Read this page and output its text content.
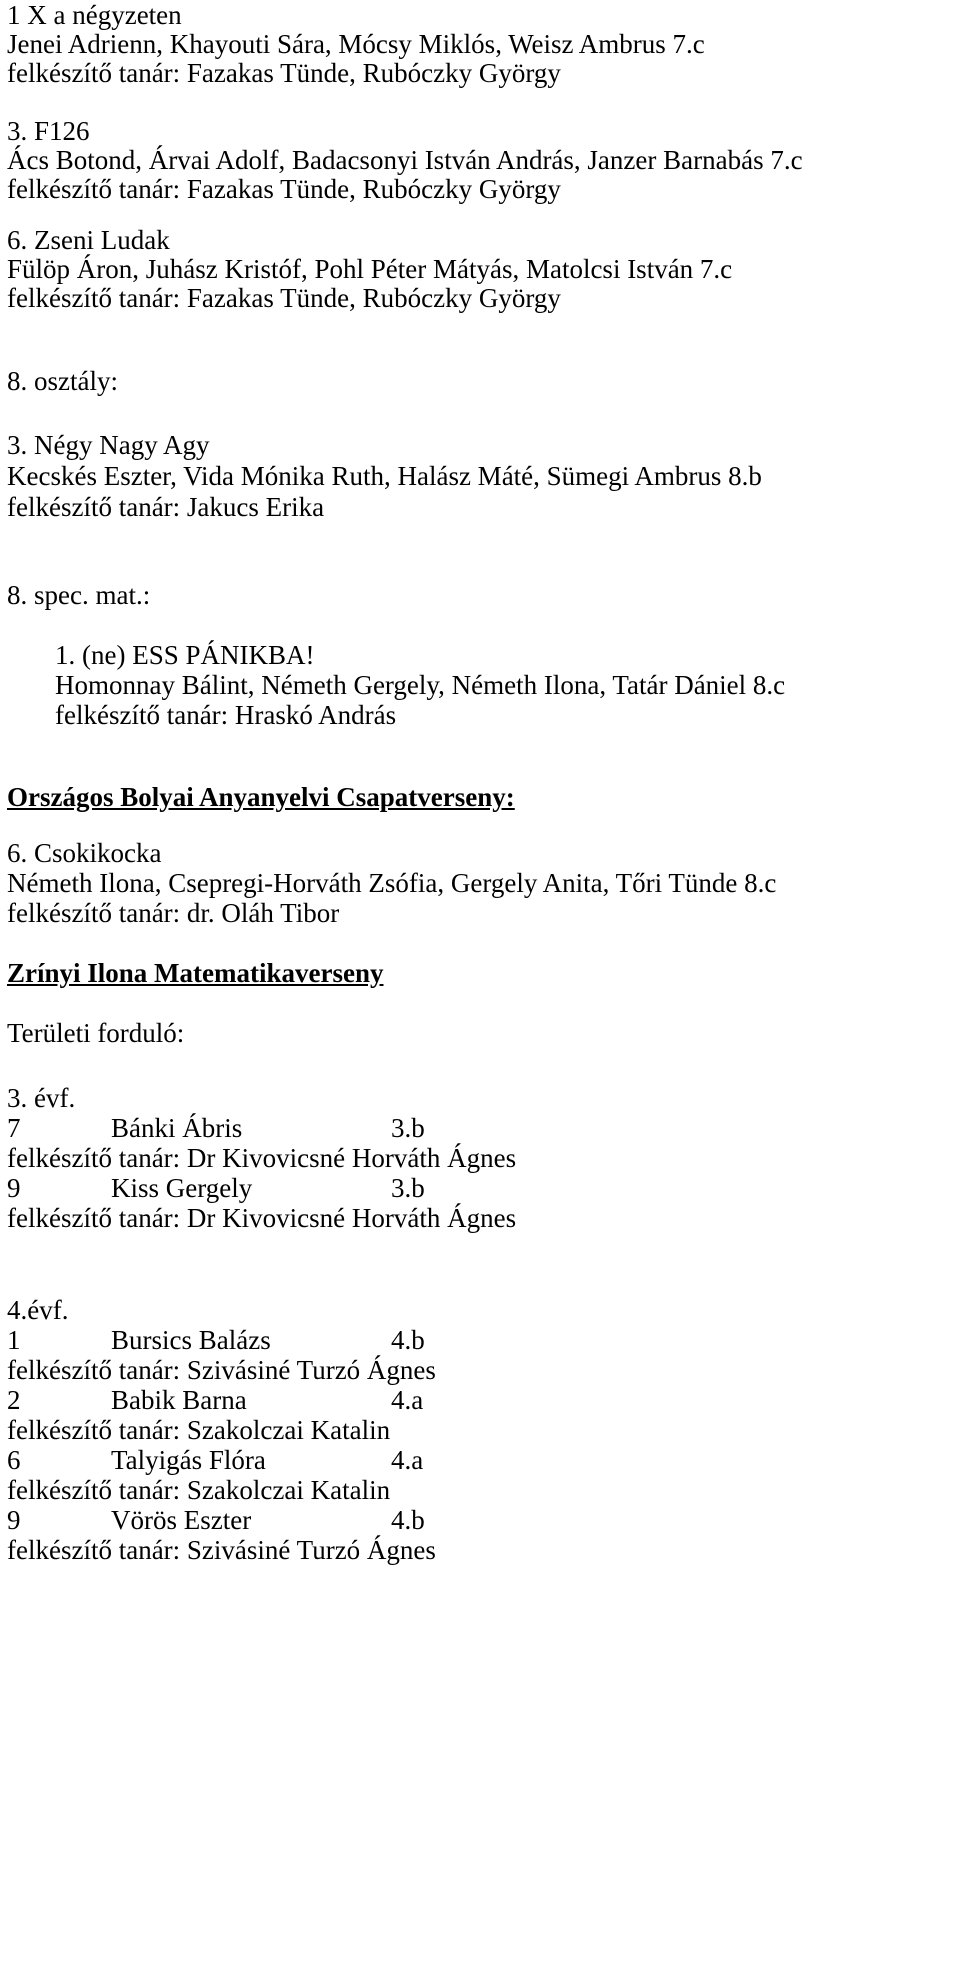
1 X a négyzeten
Jenei Adrienn, Khayouti Sára, Mócsy Miklós, Weisz Ambrus 7.c
felkészítő tanár: Fazakas Tünde, Rubóczky György
3. F126
Ács Botond, Árvai Adolf, Badacsonyi István András, Janzer Barnabás 7.c
felkészítő tanár: Fazakas Tünde, Rubóczky György
6. Zseni Ludak
Fülöp Áron, Juhász Kristóf, Pohl Péter Mátyás, Matolcsi István 7.c
felkészítő tanár: Fazakas Tünde, Rubóczky György
8. osztály:
3. Négy Nagy Agy
Kecskés Eszter, Vida Mónika Ruth, Halász Máté, Sümegi Ambrus 8.b
felkészítő tanár: Jakucs Erika
8. spec. mat.:
1. (ne) ESS PÁNIKBA!
Homonnay Bálint, Németh Gergely, Németh Ilona, Tatár Dániel 8.c
felkészítő tanár: Hraskó András
Országos Bolyai Anyanyelvi Csapatverseny:
6. Csokikocka
Németh Ilona, Csepregi-Horváth Zsófia, Gergely Anita, Tőri Tünde 8.c
felkészítő tanár: dr. Oláh Tibor
Zrínyi Ilona Matematikaverseny
Területi forduló:
3. évf.
7	Bánki Ábris	3.b
felkészítő tanár: Dr Kivovicsné Horváth Ágnes
9	Kiss Gergely	3.b
felkészítő tanár: Dr Kivovicsné Horváth Ágnes
4.évf.
1	Bursics Balázs	4.b
felkészítő tanár: Szivásiné Turzó Ágnes
2	Babik Barna	4.a
felkészítő tanár: Szakolczai Katalin
6	Talyigás Flóra	4.a
felkészítő tanár: Szakolczai Katalin
9	Vörös Eszter	4.b
felkészítő tanár: Szivásiné Turzó Ágnes
